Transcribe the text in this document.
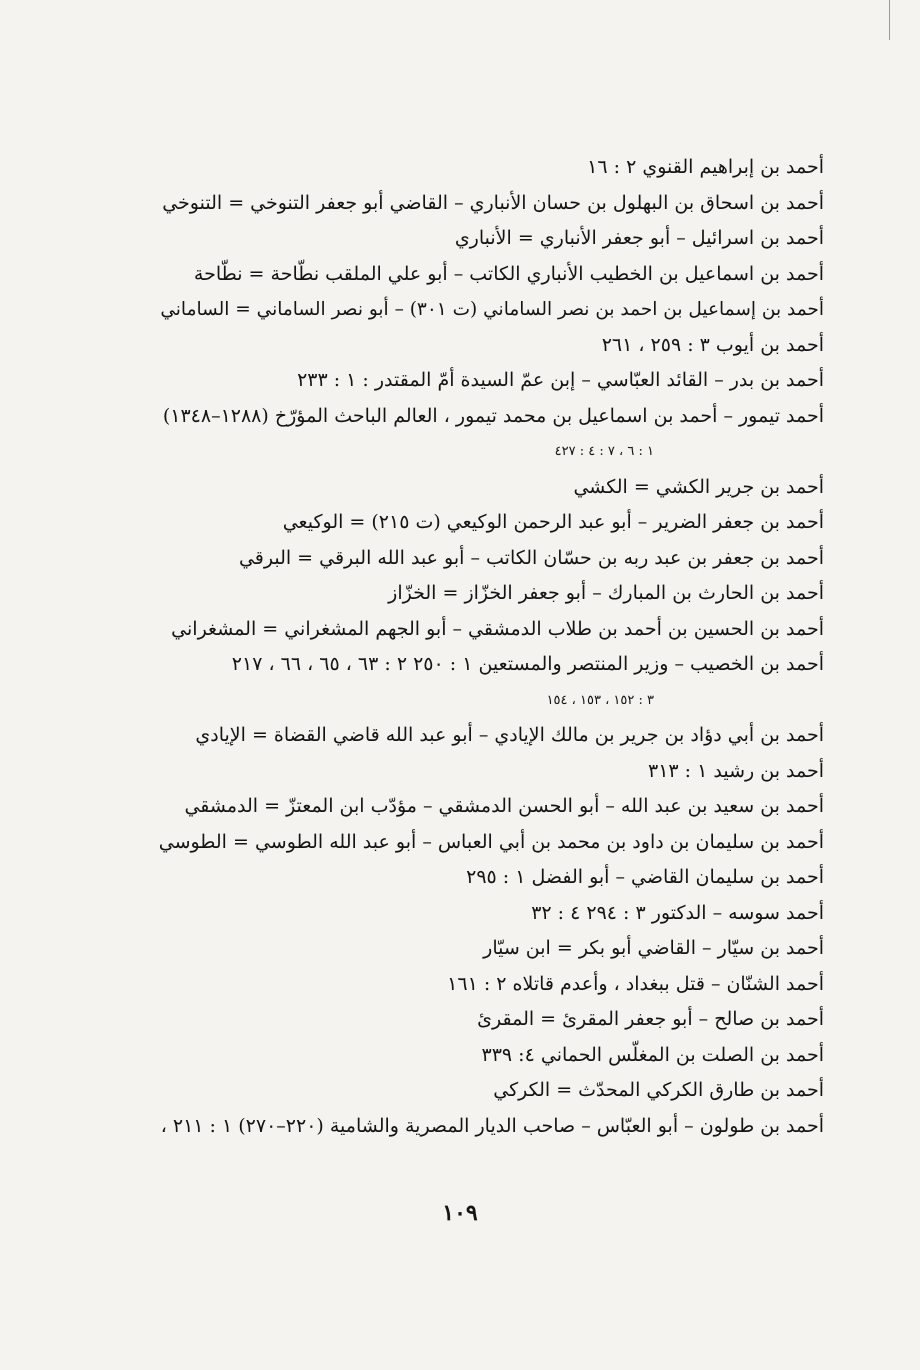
أحمد بن إبراهيم القنوي ٢ : ١٦
أحمد بن اسحاق بن البهلول بن حسان الأنباري – القاضي أبو جعفر التنوخي = التنوخي
أحمد بن اسرائيل – أبو جعفر الأنباري = الأنباري
أحمد بن اسماعيل بن الخطيب الأنباري الكاتب – أبو علي الملقب نطّاحة = نطّاحة
أحمد بن إسماعيل بن احمد بن نصر الساماني (ت ٣٠١) – أبو نصر الساماني = الساماني
أحمد بن أيوب ٣ : ٢٥٩ ، ٢٦١
أحمد بن بدر – القائد العبّاسي – إبن عمّ السيدة أمّ المقتدر : ١ : ٢٣٣
أحمد تيمور – أحمد بن اسماعيل بن محمد تيمور ، العالم الباحث المؤرّخ (١٢٨٨–١٣٤٨)
١ : ٦ ، ٧ : ٤ : ٤٢٧
أحمد بن جرير الكشي = الكشي
أحمد بن جعفر الضرير – أبو عبد الرحمن الوكيعي (ت ٢١٥) = الوكيعي
أحمد بن جعفر بن عبد ربه بن حسّان الكاتب – أبو عبد الله البرقي = البرقي
أحمد بن الحارث بن المبارك – أبو جعفر الخزّاز = الخزّاز
أحمد بن الحسين بن أحمد بن طلاب الدمشقي – أبو الجهم المشغراني = المشغراني
أحمد بن الخصيب – وزير المنتصر والمستعين ١ : ٢٥٠ ٢ : ٦٣ ، ٦٥ ، ٦٦ ، ٢١٧
٣ : ١٥٢ ، ١٥٣ ، ١٥٤
أحمد بن أبي دؤاد بن جرير بن مالك الإيادي – أبو عبد الله قاضي القضاة = الإيادي
أحمد بن رشيد ١ : ٣١٣
أحمد بن سعيد بن عبد الله – أبو الحسن الدمشقي – مؤدّب ابن المعتزّ = الدمشقي
أحمد بن سليمان بن داود بن محمد بن أبي العباس – أبو عبد الله الطوسي = الطوسي
أحمد بن سليمان القاضي – أبو الفضل ١ : ٢٩٥
أحمد سوسه – الدكتور ٣ : ٢٩٤ ٤ : ٣٢
أحمد بن سيّار – القاضي أبو بكر = ابن سيّار
أحمد الشنّان – قتل ببغداد ، وأعدم قاتلاه ٢ : ١٦١
أحمد بن صالح – أبو جعفر المقرئ = المقرئ
أحمد بن الصلت بن المغلّس الحماني ٤: ٣٣٩
أحمد بن طارق الكركي المحدّث = الكركي
أحمد بن طولون – أبو العبّاس – صاحب الديار المصرية والشامية (٢٢٠–٢٧٠) ١ : ٢١١ ،
١٠٩
